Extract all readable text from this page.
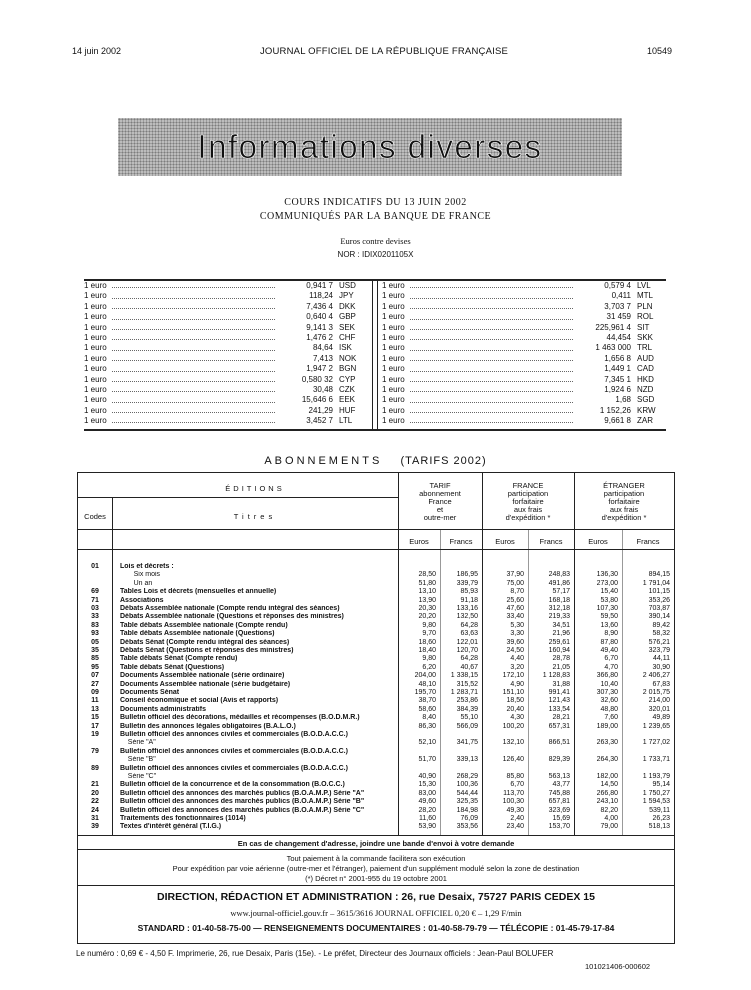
14 juin 2002	JOURNAL OFFICIEL DE LA RÉPUBLIQUE FRANÇAISE	10549
Informations diverses
COURS INDICATIFS DU 13 JUIN 2002
COMMUNIQUÉS PAR LA BANQUE DE FRANCE
Euros contre devises
NOR : IDIX0201105X
1 euro	0,941 7 USD
1 euro	118,24 JPY
1 euro	7,436 4 DKK
1 euro	0,640 4 GBP
1 euro	9,141 3 SEK
1 euro	1,476 2 CHF
1 euro	84,64 ISK
1 euro	7,413 NOK
1 euro	1,947 2 BGN
1 euro	0,580 32 CYP
1 euro	30,48 CZK
1 euro	15,646 6 EEK
1 euro	241,29 HUF
1 euro	3,452 7 LTL
1 euro	0,579 4 LVL
1 euro	0,411 MTL
1 euro	3,703 7 PLN
1 euro	31 459 ROL
1 euro	225,961 4 SIT
1 euro	44,454 SKK
1 euro	1 463 000 TRL
1 euro	1,656 8 AUD
1 euro	1,449 1 CAD
1 euro	7,345 1 HKD
1 euro	1,924 6 NZD
1 euro	1,68 SGD
1 euro	1 152,26 KRW
1 euro	9,661 8 ZAR
ABONNEMENTS (TARIFS 2002)
ÉDITIONS
Codes	Titres
TARIF
abonnement
France
et
outre-mer
FRANCE
participation
forfaitaire
aux frais
d'expédition *
ÉTRANGER
participation
forfaitaire
aux frais
d'expédition *
Euros	Francs	Euros	Francs	Euros	Francs
01	Lois et décrets :
Six mois	28,50	186,95	37,90	248,83	136,30	894,15
Un an	51,80	339,79	75,00	491,86	273,00	1 791,04
69	Tables Lois et décrets (mensuelles et annuelle)	13,10	85,93	8,70	57,17	15,40	101,15
71	Associations	13,90	91,18	25,60	168,18	53,80	353,26
03	Débats Assemblée nationale (Compte rendu intégral des séances)	20,30	133,16	47,60	312,18	107,30	703,87
33	Débats Assemblée nationale (Questions et réponses des ministres)	20,20	132,50	33,40	219,33	59,50	390,14
83	Table débats Assemblée nationale (Compte rendu)	9,80	64,28	5,30	34,51	13,60	89,42
93	Table débats Assemblée nationale (Questions)	9,70	63,63	3,30	21,96	8,90	58,32
05	Débats Sénat (Compte rendu intégral des séances)	18,60	122,01	39,60	259,61	87,80	576,21
35	Débats Sénat (Questions et réponses des ministres)	18,40	120,70	24,50	160,94	49,40	323,79
85	Table débats Sénat (Compte rendu)	9,80	64,28	4,40	28,78	6,70	44,11
95	Table débats Sénat (Questions)	6,20	40,67	3,20	21,05	4,70	30,90
07	Documents Assemblée nationale (série ordinaire)	204,00	1 338,15	172,10	1 128,83	366,80	2 406,27
27	Documents Assemblée nationale (série budgétaire)	48,10	315,52	4,90	31,88	10,40	67,83
09	Documents Sénat	195,70	1 283,71	151,10	991,41	307,30	2 015,75
11	Conseil économique et social (Avis et rapports)	38,70	253,86	18,50	121,43	32,60	214,00
13	Documents administratifs	58,60	384,39	20,40	133,54	48,80	320,01
15	Bulletin officiel des décorations, médailles et récompenses (B.O.D.M.R.)	8,40	55,10	4,30	28,21	7,60	49,89
17	Bulletin des annonces légales obligatoires (B.A.L.O.)	86,30	566,09	100,20	657,31	189,00	1 239,65
19	Bulletin officiel des annonces civiles et commerciales (B.O.D.A.C.C.)
Série "A"	52,10	341,75	132,10	866,51	263,30	1 727,02
79	Bulletin officiel des annonces civiles et commerciales (B.O.D.A.C.C.)
Série "B"	51,70	339,13	126,40	829,39	264,30	1 733,71
89	Bulletin officiel des annonces civiles et commerciales (B.O.D.A.C.C.)
Série "C"	40,90	268,29	85,80	563,13	182,00	1 193,79
21	Bulletin officiel de la concurrence et de la consommation (B.O.C.C.)	15,30	100,36	6,70	43,77	14,50	95,14
20	Bulletin officiel des annonces des marchés publics (B.O.A.M.P.) Série "A"	83,00	544,44	113,70	745,88	266,80	1 750,27
22	Bulletin officiel des annonces des marchés publics (B.O.A.M.P.) Série "B"	49,60	325,35	100,30	657,81	243,10	1 594,53
24	Bulletin officiel des annonces des marchés publics (B.O.A.M.P.) Série "C"	28,20	184,98	49,30	323,69	82,20	539,11
31	Traitements des fonctionnaires (1014)	11,60	76,09	2,40	15,69	4,00	26,23
39	Textes d'intérêt général (T.I.G.)	53,90	353,56	23,40	153,70	79,00	518,13
En cas de changement d'adresse, joindre une bande d'envoi à votre demande
Tout paiement à la commande facilitera son exécution
Pour expédition par voie aérienne (outre-mer et l'étranger), paiement d'un supplément modulé selon la zone de destination
(*) Décret n° 2001-955 du 19 octobre 2001
DIRECTION, RÉDACTION ET ADMINISTRATION : 26, rue Desaix, 75727 PARIS CEDEX 15
www.journal-officiel.gouv.fr – 3615/3616 JOURNAL OFFICIEL 0,20 € – 1,29 F/min
STANDARD : 01-40-58-75-00 — RENSEIGNEMENTS DOCUMENTAIRES : 01-40-58-79-79 — TÉLÉCOPIE : 01-45-79-17-84
Le numéro : 0,69 € - 4,50 F. Imprimerie, 26, rue Desaix, Paris (15e). - Le préfet, Directeur des Journaux officiels : Jean-Paul BOLUFER
101021406-000602
